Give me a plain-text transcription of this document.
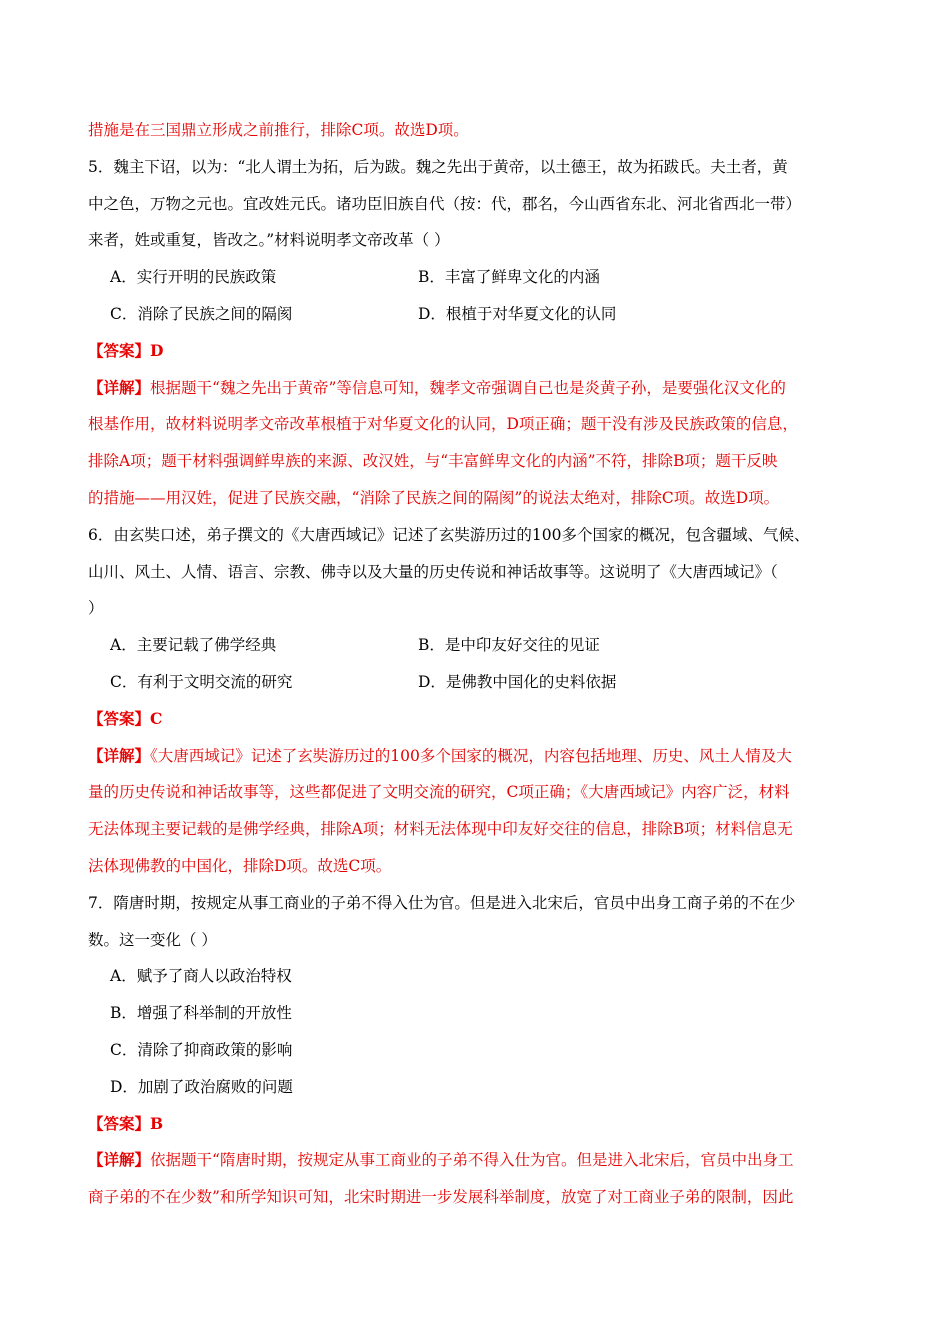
措施是在三国鼎立形成之前推行，排除C项。故选D项。
5．魏主下诏，以为：“北人谓土为拓，后为跋。魏之先出于黄帝，以土德王，故为拓跋氏。夫土者，黄
中之色，万物之元也。宜改姓元氏。诸功臣旧族自代（按：代，郡名，今山西省东北、河北省西北一带）
来者，姓或重复，皆改之。”材料说明孝文帝改革（ ）
A．实行开明的民族政策	B．丰富了鲜卑文化的内涵
C．消除了民族之间的隔阂	D．根植于对华夏文化的认同
【答案】D
【详解】根据题干“魏之先出于黄帝”等信息可知，魏孝文帝强调自己也是炎黄子孙，是要强化汉文化的
根基作用，故材料说明孝文帝改革根植于对华夏文化的认同，D项正确；题干没有涉及民族政策的信息，
排除A项；题干材料强调鲜卑族的来源、改汉姓，与“丰富鲜卑文化的内涵”不符，排除B项；题干反映
的措施——用汉姓，促进了民族交融，“消除了民族之间的隔阂”的说法太绝对，排除C项。故选D项。
6．由玄奘口述，弟子撰文的《大唐西域记》记述了玄奘游历过的100多个国家的概况，包含疆域、气候、
山川、风土、人情、语言、宗教、佛寺以及大量的历史传说和神话故事等。这说明了《大唐西域记》（
）
A．主要记载了佛学经典	B．是中印友好交往的见证
C．有利于文明交流的研究	D．是佛教中国化的史料依据
【答案】C
【详解】《大唐西域记》记述了玄奘游历过的100多个国家的概况，内容包括地理、历史、风土人情及大
量的历史传说和神话故事等，这些都促进了文明交流的研究，C项正确；《大唐西域记》内容广泛，材料
无法体现主要记载的是佛学经典，排除A项；材料无法体现中印友好交往的信息，排除B项；材料信息无
法体现佛教的中国化，排除D项。故选C项。
7．隋唐时期，按规定从事工商业的子弟不得入仕为官。但是进入北宋后，官员中出身工商子弟的不在少
数。这一变化（ ）
A．赋予了商人以政治特权
B．增强了科举制的开放性
C．清除了抑商政策的影响
D．加剧了政治腐败的问题
【答案】B
【详解】依据题干“隋唐时期，按规定从事工商业的子弟不得入仕为官。但是进入北宋后，官员中出身工
商子弟的不在少数”和所学知识可知，北宋时期进一步发展科举制度，放宽了对工商业子弟的限制，因此
